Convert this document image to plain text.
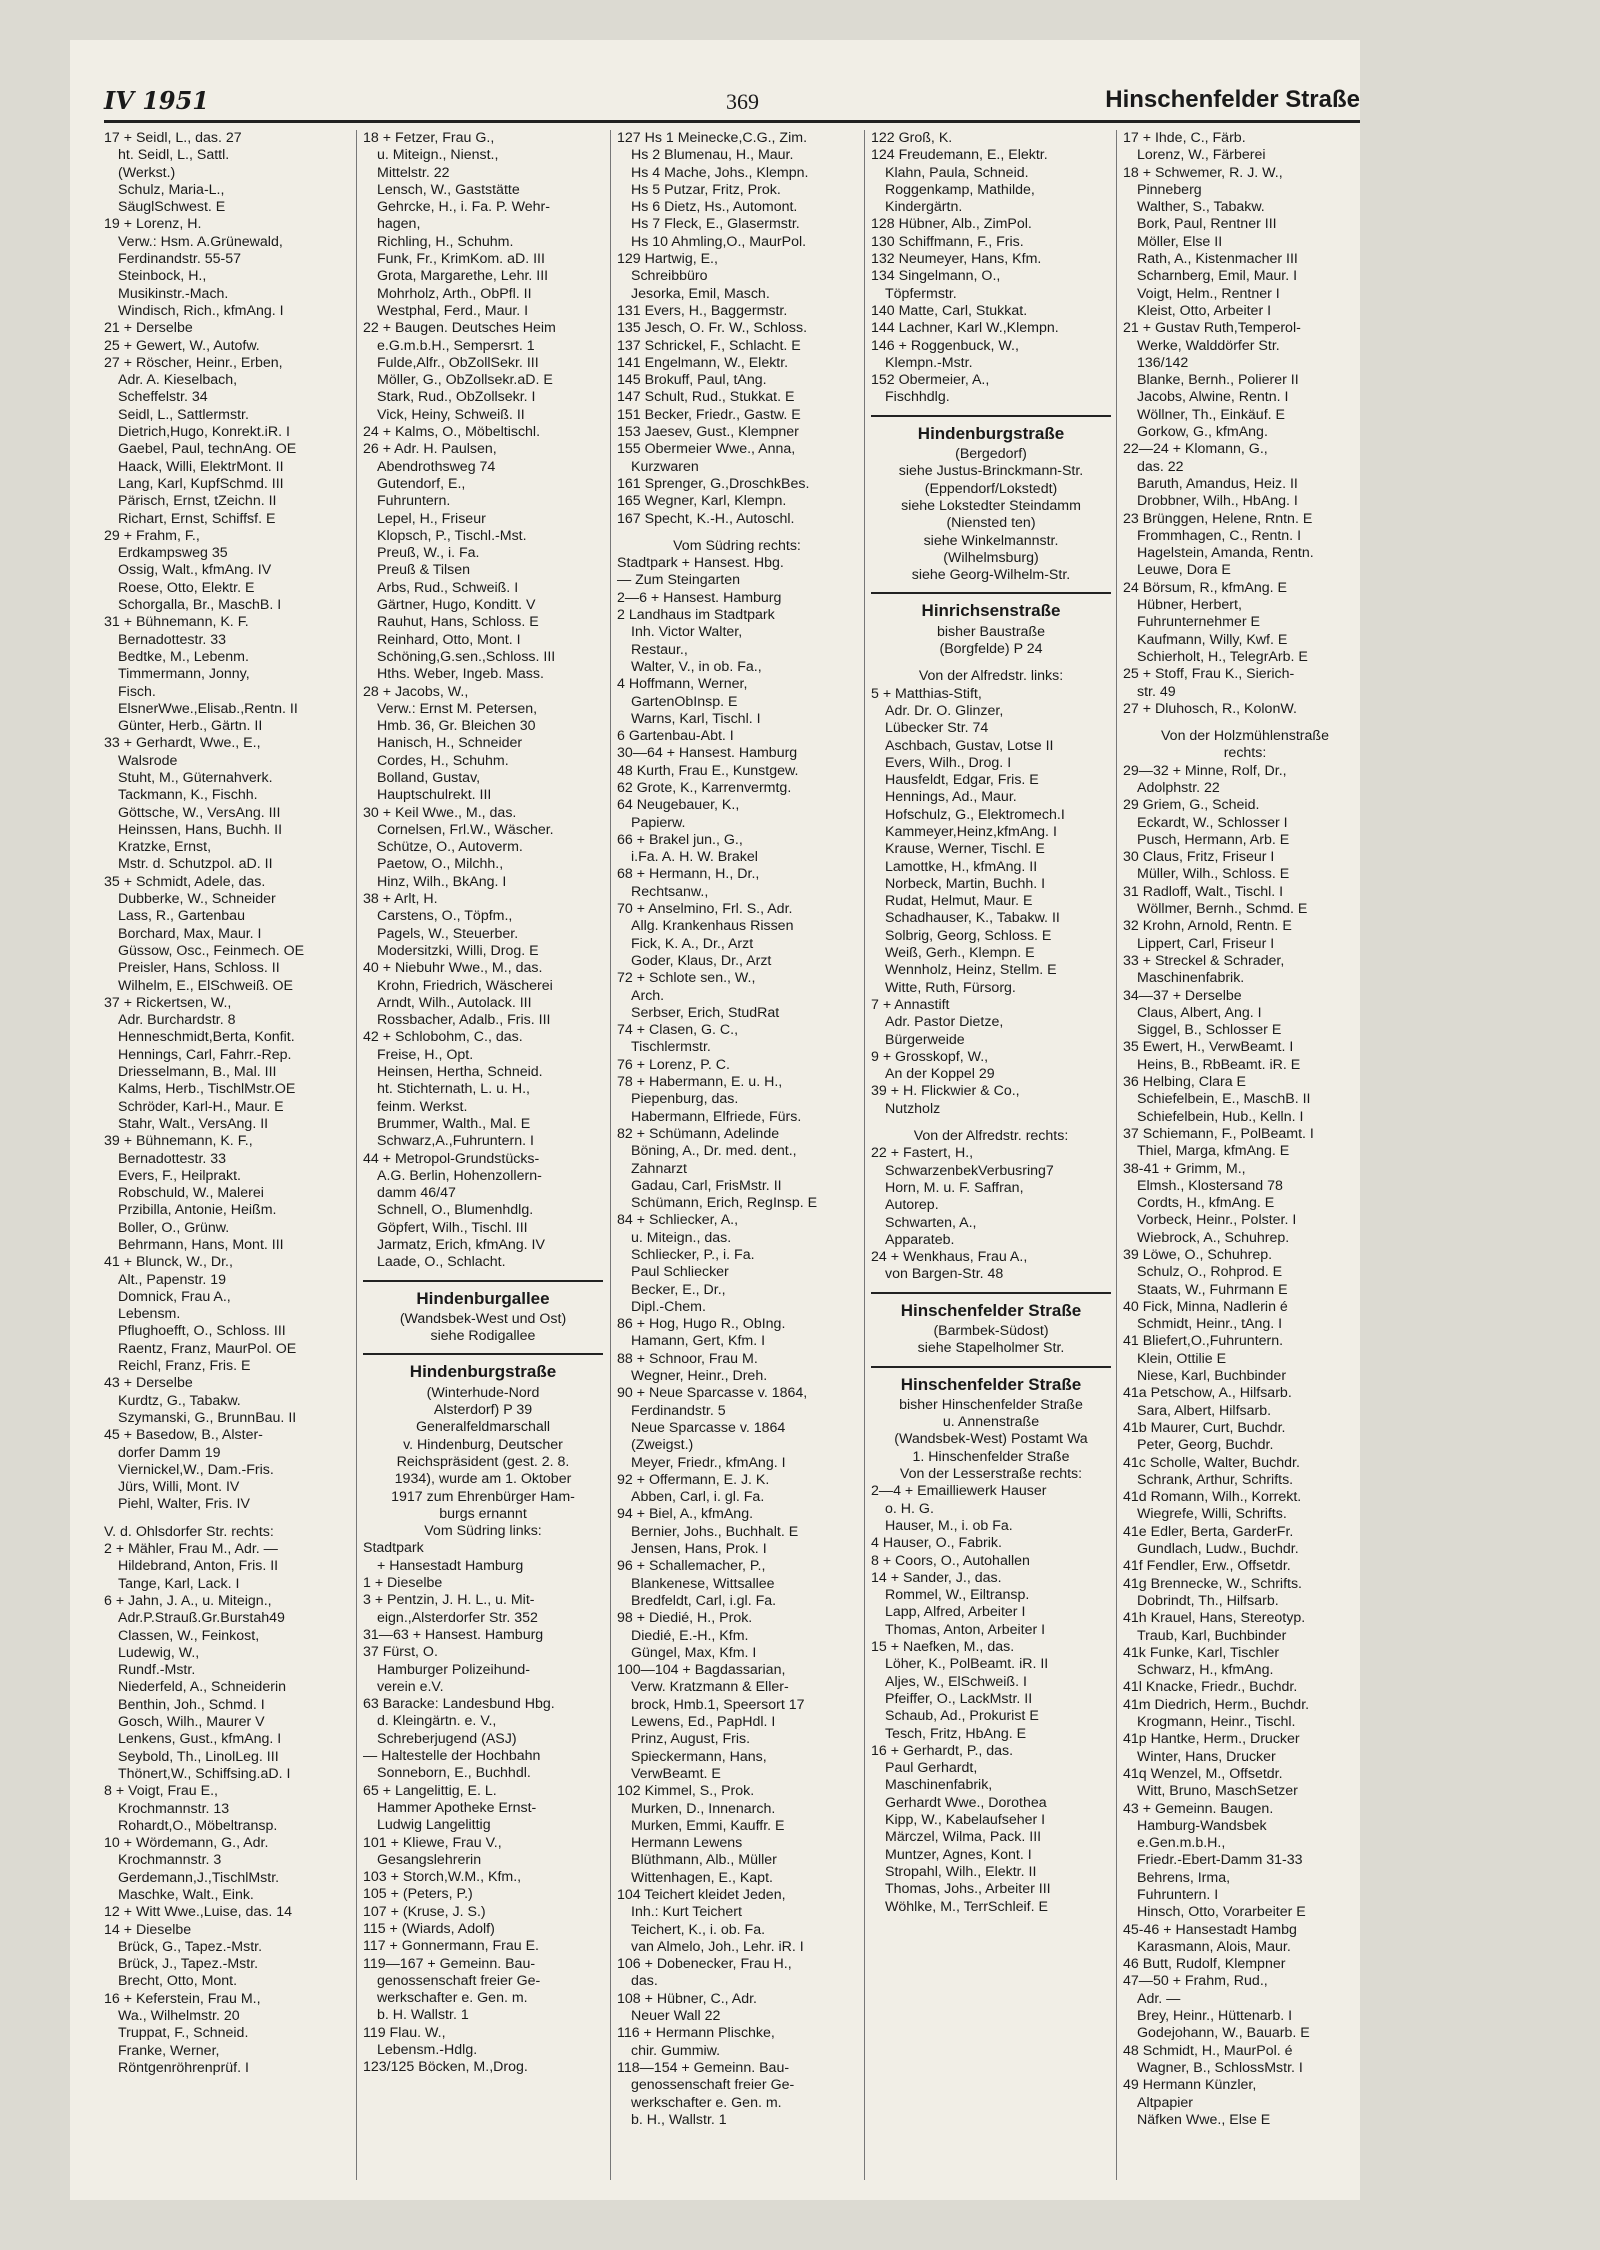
IV 1951	369	Hinschenfelder Straße
17 + Seidl, L., das. 27
ht. Seidl, L., Sattl.
(Werkst.)
Schulz, Maria-L.,
SäuglSchwest. E
19 + Lorenz, H.
Verw.: Hsm. A.Grünewald,
Ferdinandstr. 55-57
Steinbock, H.,
Musikinstr.-Mach.
Windisch, Rich., kfmAng. I
21 + Derselbe
25 + Gewert, W., Autofw.
27 + Röscher, Heinr., Erben,
Adr. A. Kieselbach,
Scheffelstr. 34
Seidl, L., Sattlermstr.
Dietrich,Hugo, Konrekt.iR. I
Gaebel, Paul, technAng. OE
Haack, Willi, ElektrMont. II
Lang, Karl, KupfSchmd. III
Pärisch, Ernst, tZeichn. II
Richart, Ernst, Schiffsf. E
29 + Frahm, F.,
Erdkampsweg 35
Ossig, Walt., kfmAng. IV
Roese, Otto, Elektr. E
Schorgalla, Br., MaschB. I
31 + Bühnemann, K. F.
Bernadottestr. 33
Bedtke, M., Lebenm.
Timmermann, Jonny,
Fisch.
ElsnerWwe.,Elisab.,Rentn. II
Günter, Herb., Gärtn. II
33 + Gerhardt, Wwe., E.,
Walsrode
Stuht, M., Güternahverk.
Tackmann, K., Fischh.
Göttsche, W., VersAng. III
Heinssen, Hans, Buchh. II
Kratzke, Ernst,
Mstr. d. Schutzpol. aD. II
35 + Schmidt, Adele, das.
Dubberke, W., Schneider
Lass, R., Gartenbau
Borchard, Max, Maur. I
Güssow, Osc., Feinmech. OE
Preisler, Hans, Schloss. II
Wilhelm, E., ElSchweiß. OE
37 + Rickertsen, W.,
Adr. Burchardstr. 8
Henneschmidt,Berta, Konfit.
Hennings, Carl, Fahrr.-Rep.
Driesselmann, B., Mal. III
Kalms, Herb., TischlMstr.OE
Schröder, Karl-H., Maur. E
Stahr, Walt., VersAng. II
39 + Bühnemann, K. F.,
Bernadottestr. 33
Evers, F., Heilprakt.
Robschuld, W., Malerei
Przibilla, Antonie, Heißm.
Boller, O., Grünw.
Behrmann, Hans, Mont. III
41 + Blunck, W., Dr.,
Alt., Papenstr. 19
Domnick, Frau A.,
Lebensm.
Pflughoefft, O., Schloss. III
Raentz, Franz, MaurPol. OE
Reichl, Franz, Fris. E
43 + Derselbe
Kurdtz, G., Tabakw.
Szymanski, G., BrunnBau. II
45 + Basedow, B., Alster-
dorfer Damm 19
Viernickel,W., Dam.-Fris.
Jürs, Willi, Mont. IV
Piehl, Walter, Fris. IV
V. d. Ohlsdorfer Str. rechts:
2 + Mähler, Frau M., Adr. —
Hildebrand, Anton, Fris. II
Tange, Karl, Lack. I
6 + Jahn, J. A., u. Miteign.,
Adr.P.Strauß.Gr.Burstah49
Classen, W., Feinkost,
Ludewig, W.,
Rundf.-Mstr.
Niederfeld, A., Schneiderin
Benthin, Joh., Schmd. I
Gosch, Wilh., Maurer V
Lenkens, Gust., kfmAng. I
Seybold, Th., LinolLeg. III
Thönert,W., Schiffsing.aD. I
8 + Voigt, Frau E.,
Krochmannstr. 13
Rohardt,O., Möbeltransp.
10 + Wördemann, G., Adr.
Krochmannstr. 3
Gerdemann,J.,TischlMstr.
Maschke, Walt., Eink.
12 + Witt Wwe.,Luise, das. 14
14 + Dieselbe
Brück, G., Tapez.-Mstr.
Brück, J., Tapez.-Mstr.
Brecht, Otto, Mont.
16 + Keferstein, Frau M.,
Wa., Wilhelmstr. 20
Truppat, F., Schneid.
Franke, Werner,
Röntgenröhrenprüf. I
18 + Fetzer, Frau G.,
u. Miteign., Nienst.,
Mittelstr. 22
Lensch, W., Gaststätte
Gehrcke, H., i. Fa. P. Wehr-
hagen,
Richling, H., Schuhm.
Funk, Fr., KrimKom. aD. III
Grota, Margarethe, Lehr. III
Mohrholz, Arth., ObPfl. II
Westphal, Ferd., Maur. I
22 + Baugen. Deutsches Heim
e.G.m.b.H., Sempersrt. 1
Fulde,Alfr., ObZollSekr. III
Möller, G., ObZollsekr.aD. E
Stark, Rud., ObZollsekr. I
Vick, Heiny, Schweiß. II
24 + Kalms, O., Möbeltischl.
26 + Adr. H. Paulsen,
Abendrothsweg 74
Gutendorf, E.,
Fuhruntern.
Lepel, H., Friseur
Klopsch, P., Tischl.-Mst.
Preuß, W., i. Fa.
Preuß & Tilsen
Arbs, Rud., Schweiß. I
Gärtner, Hugo, Konditt. V
Rauhut, Hans, Schloss. E
Reinhard, Otto, Mont. I
Schöning,G.sen.,Schloss. III
Hths. Weber, Ingeb. Mass.
28 + Jacobs, W.,
Verw.: Ernst M. Petersen,
Hmb. 36, Gr. Bleichen 30
Hanisch, H., Schneider
Cordes, H., Schuhm.
Bolland, Gustav,
Hauptschulrekt. III
30 + Keil Wwe., M., das.
Cornelsen, Frl.W., Wäscher.
Schütze, O., Autoverm.
Paetow, O., Milchh.,
Hinz, Wilh., BkAng. I
38 + Arlt, H.
Carstens, O., Töpfm.,
Pagels, W., Steuerber.
Modersitzki, Willi, Drog. E
40 + Niebuhr Wwe., M., das.
Krohn, Friedrich, Wäscherei
Arndt, Wilh., Autolack. III
Rossbacher, Adalb., Fris. III
42 + Schlobohm, C., das.
Freise, H., Opt.
Heinsen, Hertha, Schneid.
ht. Stichternath, L. u. H.,
feinm. Werkst.
Brummer, Walth., Mal. E
Schwarz,A.,Fuhruntern. I
44 + Metropol-Grundstücks-
A.G. Berlin, Hohenzollern-
damm 46/47
Schnell, O., Blumenhdlg.
Göpfert, Wilh., Tischl. III
Jarmatz, Erich, kfmAng. IV
Laade, O., Schlacht.
Hindenburgallee
(Wandsbek-West und Ost)
siehe Rodigallee
Hindenburgstraße
(Winterhude-Nord
Alsterdorf) P 39
Generalfeldmarschall
v. Hindenburg, Deutscher
Reichspräsident (gest. 2. 8.
1934), wurde am 1. Oktober
1917 zum Ehrenbürger Ham-
burgs ernannt
Vom Südring links:
Stadtpark
+ Hansestadt Hamburg
1 + Dieselbe
3 + Pentzin, J. H. L., u. Mit-
eign.,Alsterdorfer Str. 352
31—63 + Hansest. Hamburg
37 Fürst, O.
Hamburger Polizeihund-
verein e.V.
63 Baracke: Landesbund Hbg.
d. Kleingärtn. e. V.,
Schreberjugend (ASJ)
— Haltestelle der Hochbahn
Sonneborn, E., Buchhdl.
65 + Langelittig, E. L.
Hammer Apotheke Ernst-
Ludwig Langelittig
101 + Kliewe, Frau V.,
Gesangslehrerin
103 + Storch,W.M., Kfm.,
105 + (Peters, P.)
107 + (Kruse, J. S.)
115 + (Wiards, Adolf)
117 + Gonnermann, Frau E.
119—167 + Gemeinn. Bau-
genossenschaft freier Ge-
werkschafter e. Gen. m.
b. H. Wallstr. 1
119 Flau. W.,
Lebensm.-Hdlg.
123/125 Böcken, M.,Drog.
127 Hs 1 Meinecke,C.G., Zim.
Hs 2 Blumenau, H., Maur.
Hs 4 Mache, Johs., Klempn.
Hs 5 Putzar, Fritz, Prok.
Hs 6 Dietz, Hs., Automont.
Hs 7 Fleck, E., Glasermstr.
Hs 10 Ahmling,O., MaurPol.
129 Hartwig, E.,
Schreibbüro
Jesorka, Emil, Masch.
131 Evers, H., Baggermstr.
135 Jesch, O. Fr. W., Schloss.
137 Schrickel, F., Schlacht. E
141 Engelmann, W., Elektr.
145 Brokuff, Paul, tAng.
147 Schult, Rud., Stukkat. E
151 Becker, Friedr., Gastw. E
153 Jaesev, Gust., Klempner
155 Obermeier Wwe., Anna,
Kurzwaren
161 Sprenger, G.,DroschkBes.
165 Wegner, Karl, Klempn.
167 Specht, K.-H., Autoschl.
Vom Südring rechts:
Stadtpark + Hansest. Hbg.
— Zum Steingarten
2—6 + Hansest. Hamburg
2 Landhaus im Stadtpark
Inh. Victor Walter,
Restaur.,
Walter, V., in ob. Fa.,
4 Hoffmann, Werner,
GartenObInsp. E
Warns, Karl, Tischl. I
6 Gartenbau-Abt. I
30—64 + Hansest. Hamburg
48 Kurth, Frau E., Kunstgew.
62 Grote, K., Karrenvermtg.
64 Neugebauer, K.,
Papierw.
66 + Brakel jun., G.,
i.Fa. A. H. W. Brakel
68 + Hermann, H., Dr.,
Rechtsanw.,
70 + Anselmino, Frl. S., Adr.
Allg. Krankenhaus Rissen
Fick, K. A., Dr., Arzt
Goder, Klaus, Dr., Arzt
72 + Schlote sen., W.,
Arch.
Serbser, Erich, StudRat
74 + Clasen, G. C.,
Tischlermstr.
76 + Lorenz, P. C.
78 + Habermann, E. u. H.,
Piepenburg, das.
Habermann, Elfriede, Fürs.
82 + Schümann, Adelinde
Böning, A., Dr. med. dent.,
Zahnarzt
Gadau, Carl, FrisMstr. II
Schümann, Erich, RegInsp. E
84 + Schliecker, A.,
u. Miteign., das.
Schliecker, P., i. Fa.
Paul Schliecker
Becker, E., Dr.,
Dipl.-Chem.
86 + Hog, Hugo R., ObIng.
Hamann, Gert, Kfm. I
88 + Schnoor, Frau M.
Wegner, Heinr., Dreh.
90 + Neue Sparcasse v. 1864,
Ferdinandstr. 5
Neue Sparcasse v. 1864
(Zweigst.)
Meyer, Friedr., kfmAng. I
92 + Offermann, E. J. K.
Abben, Carl, i. gl. Fa.
94 + Biel, A., kfmAng.
Bernier, Johs., Buchhalt. E
Jensen, Hans, Prok. I
96 + Schallemacher, P.,
Blankenese, Wittsallee
Bredfeldt, Carl, i.gl. Fa.
98 + Diedié, H., Prok.
Diedié, E.-H., Kfm.
Güngel, Max, Kfm. I
100—104 + Bagdassarian,
Verw. Kratzmann & Eller-
brock, Hmb.1, Speersort 17
Lewens, Ed., PapHdl. I
Prinz, August, Fris.
Spieckermann, Hans,
VerwBeamt. E
102 Kimmel, S., Prok.
Murken, D., Innenarch.
Murken, Emmi, Kauffr. E
Hermann Lewens
Blüthmann, Alb., Müller
Wittenhagen, E., Kapt.
104 Teichert kleidet Jeden,
Inh.: Kurt Teichert
Teichert, K., i. ob. Fa.
van Almelo, Joh., Lehr. iR. I
106 + Dobenecker, Frau H.,
das.
108 + Hübner, C., Adr.
Neuer Wall 22
116 + Hermann Plischke,
chir. Gummiw.
118—154 + Gemeinn. Bau-
genossenschaft freier Ge-
werkschafter e. Gen. m.
b. H., Wallstr. 1
122 Groß, K.
124 Freudemann, E., Elektr.
Klahn, Paula, Schneid.
Roggenkamp, Mathilde,
Kindergärtn.
128 Hübner, Alb., ZimPol.
130 Schiffmann, F., Fris.
132 Neumeyer, Hans, Kfm.
134 Singelmann, O.,
Töpfermstr.
140 Matte, Carl, Stukkat.
144 Lachner, Karl W.,Klempn.
146 + Roggenbuck, W.,
Klempn.-Mstr.
152 Obermeier, A.,
Fischhdlg.
Hindenburgstraße
(Bergedorf)
siehe Justus-Brinckmann-Str.
(Eppendorf/Lokstedt)
siehe Lokstedter Steindamm
(Niensted ten)
siehe Winkelmannstr.
(Wilhelmsburg)
siehe Georg-Wilhelm-Str.
Hinrichsenstraße
bisher Baustraße
(Borgfelde) P 24
Von der Alfredstr. links:
5 + Matthias-Stift,
Adr. Dr. O. Glinzer,
Lübecker Str. 74
Aschbach, Gustav, Lotse II
Evers, Wilh., Drog. I
Hausfeldt, Edgar, Fris. E
Hennings, Ad., Maur.
Hofschulz, G., Elektromech.I
Kammeyer,Heinz,kfmAng. I
Krause, Werner, Tischl. E
Lamottke, H., kfmAng. II
Norbeck, Martin, Buchh. I
Rudat, Helmut, Maur. E
Schadhauser, K., Tabakw. II
Solbrig, Georg, Schloss. E
Weiß, Gerh., Klempn. E
Wennholz, Heinz, Stellm. E
Witte, Ruth, Fürsorg.
7 + Annastift
Adr. Pastor Dietze,
Bürgerweide
9 + Grosskopf, W.,
An der Koppel 29
39 + H. Flickwier & Co.,
Nutzholz
Von der Alfredstr. rechts:
22 + Fastert, H.,
SchwarzenbekVerbusring7
Horn, M. u. F. Saffran,
Autorep.
Schwarten, A.,
Apparateb.
24 + Wenkhaus, Frau A.,
von Bargen-Str. 48
Hinschenfelder Straße
(Barmbek-Südost)
siehe Stapelholmer Str.
Hinschenfelder Straße
bisher Hinschenfelder Straße
u. Annenstraße
(Wandsbek-West) Postamt Wa
1. Hinschenfelder Straße
Von der Lesserstraße rechts:
2—4 + Emailliewerk Hauser
o. H. G.
Hauser, M., i. ob Fa.
4 Hauser, O., Fabrik.
8 + Coors, O., Autohallen
14 + Sander, J., das.
Rommel, W., Eiltransp.
Lapp, Alfred, Arbeiter I
Thomas, Anton, Arbeiter I
15 + Naefken, M., das.
Löher, K., PolBeamt. iR. II
Aljes, W., ElSchweiß. I
Pfeiffer, O., LackMstr. II
Schaub, Ad., Prokurist E
Tesch, Fritz, HbAng. E
16 + Gerhardt, P., das.
Paul Gerhardt,
Maschinenfabrik,
Gerhardt Wwe., Dorothea
Kipp, W., Kabelaufseher I
Märczel, Wilma, Pack. III
Muntzer, Agnes, Kont. I
Stropahl, Wilh., Elektr. II
Thomas, Johs., Arbeiter III
Wöhlke, M., TerrSchleif. E
17 + Ihde, C., Färb.
Lorenz, W., Färberei
18 + Schwemer, R. J. W.,
Pinneberg
Walther, S., Tabakw.
Bork, Paul, Rentner III
Möller, Else II
Rath, A., Kistenmacher III
Scharnberg, Emil, Maur. I
Voigt, Helm., Rentner I
Kleist, Otto, Arbeiter I
21 + Gustav Ruth,Temperol-
Werke, Walddörfer Str.
136/142
Blanke, Bernh., Polierer II
Jacobs, Alwine, Rentn. I
Wöllner, Th., Einkäuf. E
Gorkow, G., kfmAng.
22—24 + Klomann, G.,
das. 22
Baruth, Amandus, Heiz. II
Drobbner, Wilh., HbAng. I
23 Brünggen, Helene, Rntn. E
Frommhagen, C., Rentn. I
Hagelstein, Amanda, Rentn.
Leuwe, Dora E
24 Börsum, R., kfmAng. E
Hübner, Herbert,
Fuhrunternehmer E
Kaufmann, Willy, Kwf. E
Schierholt, H., TelegrArb. E
25 + Stoff, Frau K., Sierich-
str. 49
27 + Dluhosch, R., KolonW.
Von der Holzmühlenstraße
rechts:
29—32 + Minne, Rolf, Dr.,
Adolphstr. 22
29 Griem, G., Scheid.
Eckardt, W., Schlosser I
Pusch, Hermann, Arb. E
30 Claus, Fritz, Friseur I
Müller, Wilh., Schloss. E
31 Radloff, Walt., Tischl. I
Wöllmer, Bernh., Schmd. E
32 Krohn, Arnold, Rentn. E
Lippert, Carl, Friseur I
33 + Streckel & Schrader,
Maschinenfabrik.
34—37 + Derselbe
Claus, Albert, Ang. I
Siggel, B., Schlosser E
35 Ewert, H., VerwBeamt. I
Heins, B., RbBeamt. iR. E
36 Helbing, Clara E
Schiefelbein, E., MaschB. II
Schiefelbein, Hub., Kelln. I
37 Schiemann, F., PolBeamt. I
Thiel, Marga, kfmAng. E
38-41 + Grimm, M.,
Elmsh., Klostersand 78
Cordts, H., kfmAng. E
Vorbeck, Heinr., Polster. I
Wiebrock, A., Schuhrep.
39 Löwe, O., Schuhrep.
Schulz, O., Rohprod. E
Staats, W., Fuhrmann E
40 Fick, Minna, Nadlerin é
Schmidt, Heinr., tAng. I
41 Bliefert,O.,Fuhruntern.
Klein, Ottilie E
Niese, Karl, Buchbinder
41a Petschow, A., Hilfsarb.
Sara, Albert, Hilfsarb.
41b Maurer, Curt, Buchdr.
Peter, Georg, Buchdr.
41c Scholle, Walter, Buchdr.
Schrank, Arthur, Schrifts.
41d Romann, Wilh., Korrekt.
Wiegrefe, Willi, Schrifts.
41e Edler, Berta, GarderFr.
Gundlach, Ludw., Buchdr.
41f Fendler, Erw., Offsetdr.
41g Brennecke, W., Schrifts.
Dobrindt, Th., Hilfsarb.
41h Krauel, Hans, Stereotyp.
Traub, Karl, Buchbinder
41k Funke, Karl, Tischler
Schwarz, H., kfmAng.
41l Knacke, Friedr., Buchdr.
41m Diedrich, Herm., Buchdr.
Krogmann, Heinr., Tischl.
41p Hantke, Herm., Drucker
Winter, Hans, Drucker
41q Wenzel, M., Offsetdr.
Witt, Bruno, MaschSetzer
43 + Gemeinn. Baugen.
Hamburg-Wandsbek
e.Gen.m.b.H.,
Friedr.-Ebert-Damm 31-33
Behrens, Irma,
Fuhruntern. I
Hinsch, Otto, Vorarbeiter E
45-46 + Hansestadt Hambg
Karasmann, Alois, Maur.
46 Butt, Rudolf, Klempner
47—50 + Frahm, Rud.,
Adr. —
Brey, Heinr., Hüttenarb. I
Godejohann, W., Bauarb. E
48 Schmidt, H., MaurPol. é
Wagner, B., SchlossMstr. I
49 Hermann Künzler,
Altpapier
Näfken Wwe., Else E
